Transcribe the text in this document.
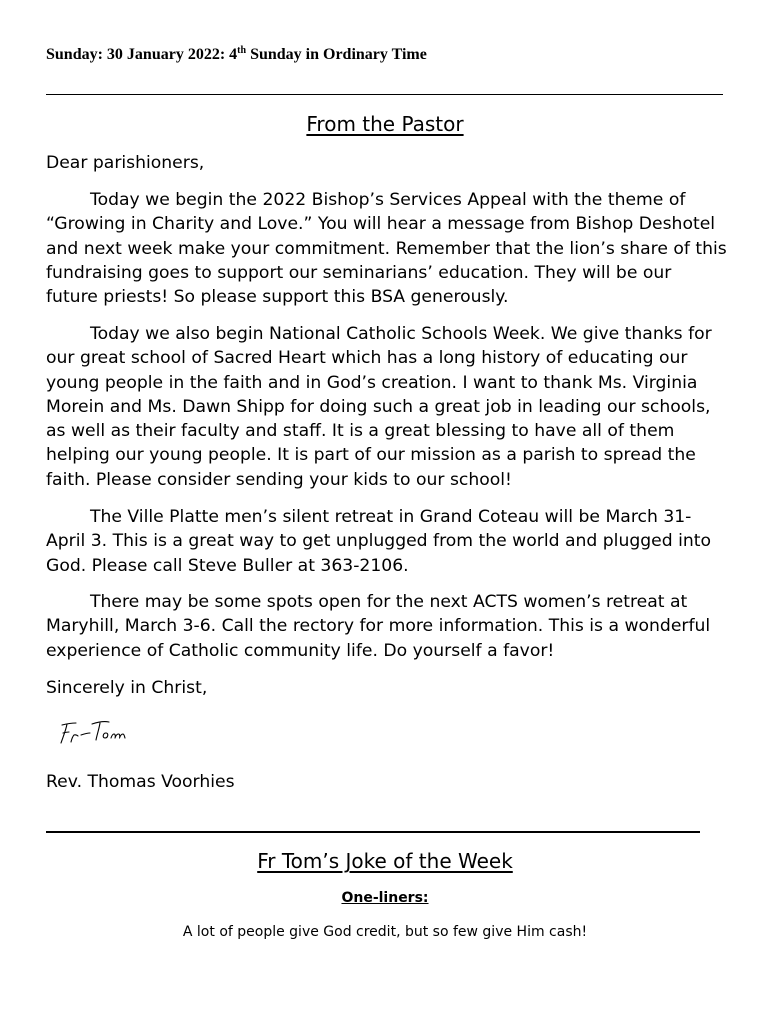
Sunday: 30 January 2022: 4th Sunday in Ordinary Time
From the Pastor

Dear parishioners,

Today we begin the 2022 Bishop’s Services Appeal with the theme of “Growing in Charity and Love.” You will hear a message from Bishop Deshotel and next week make your commitment. Remember that the lion’s share of this fundraising goes to support our seminarians’ education. They will be our future priests! So please support this BSA generously.

Today we also begin National Catholic Schools Week. We give thanks for our great school of Sacred Heart which has a long history of educating our young people in the faith and in God’s creation. I want to thank Ms. Virginia Morein and Ms. Dawn Shipp for doing such a great job in leading our schools, as well as their faculty and staff. It is a great blessing to have all of them helping our young people. It is part of our mission as a parish to spread the faith. Please consider sending your kids to our school!

The Ville Platte men’s silent retreat in Grand Coteau will be March 31-April 3. This is a great way to get unplugged from the world and plugged into God. Please call Steve Buller at 363-2106.

There may be some spots open for the next ACTS women’s retreat at Maryhill, March 3-6. Call the rectory for more information. This is a wonderful experience of Catholic community life. Do yourself a favor!

Sincerely in Christ,

Rev. Thomas Voorhies

Fr Tom’s Joke of the Week
One-liners:
A lot of people give God credit, but so few give Him cash!
